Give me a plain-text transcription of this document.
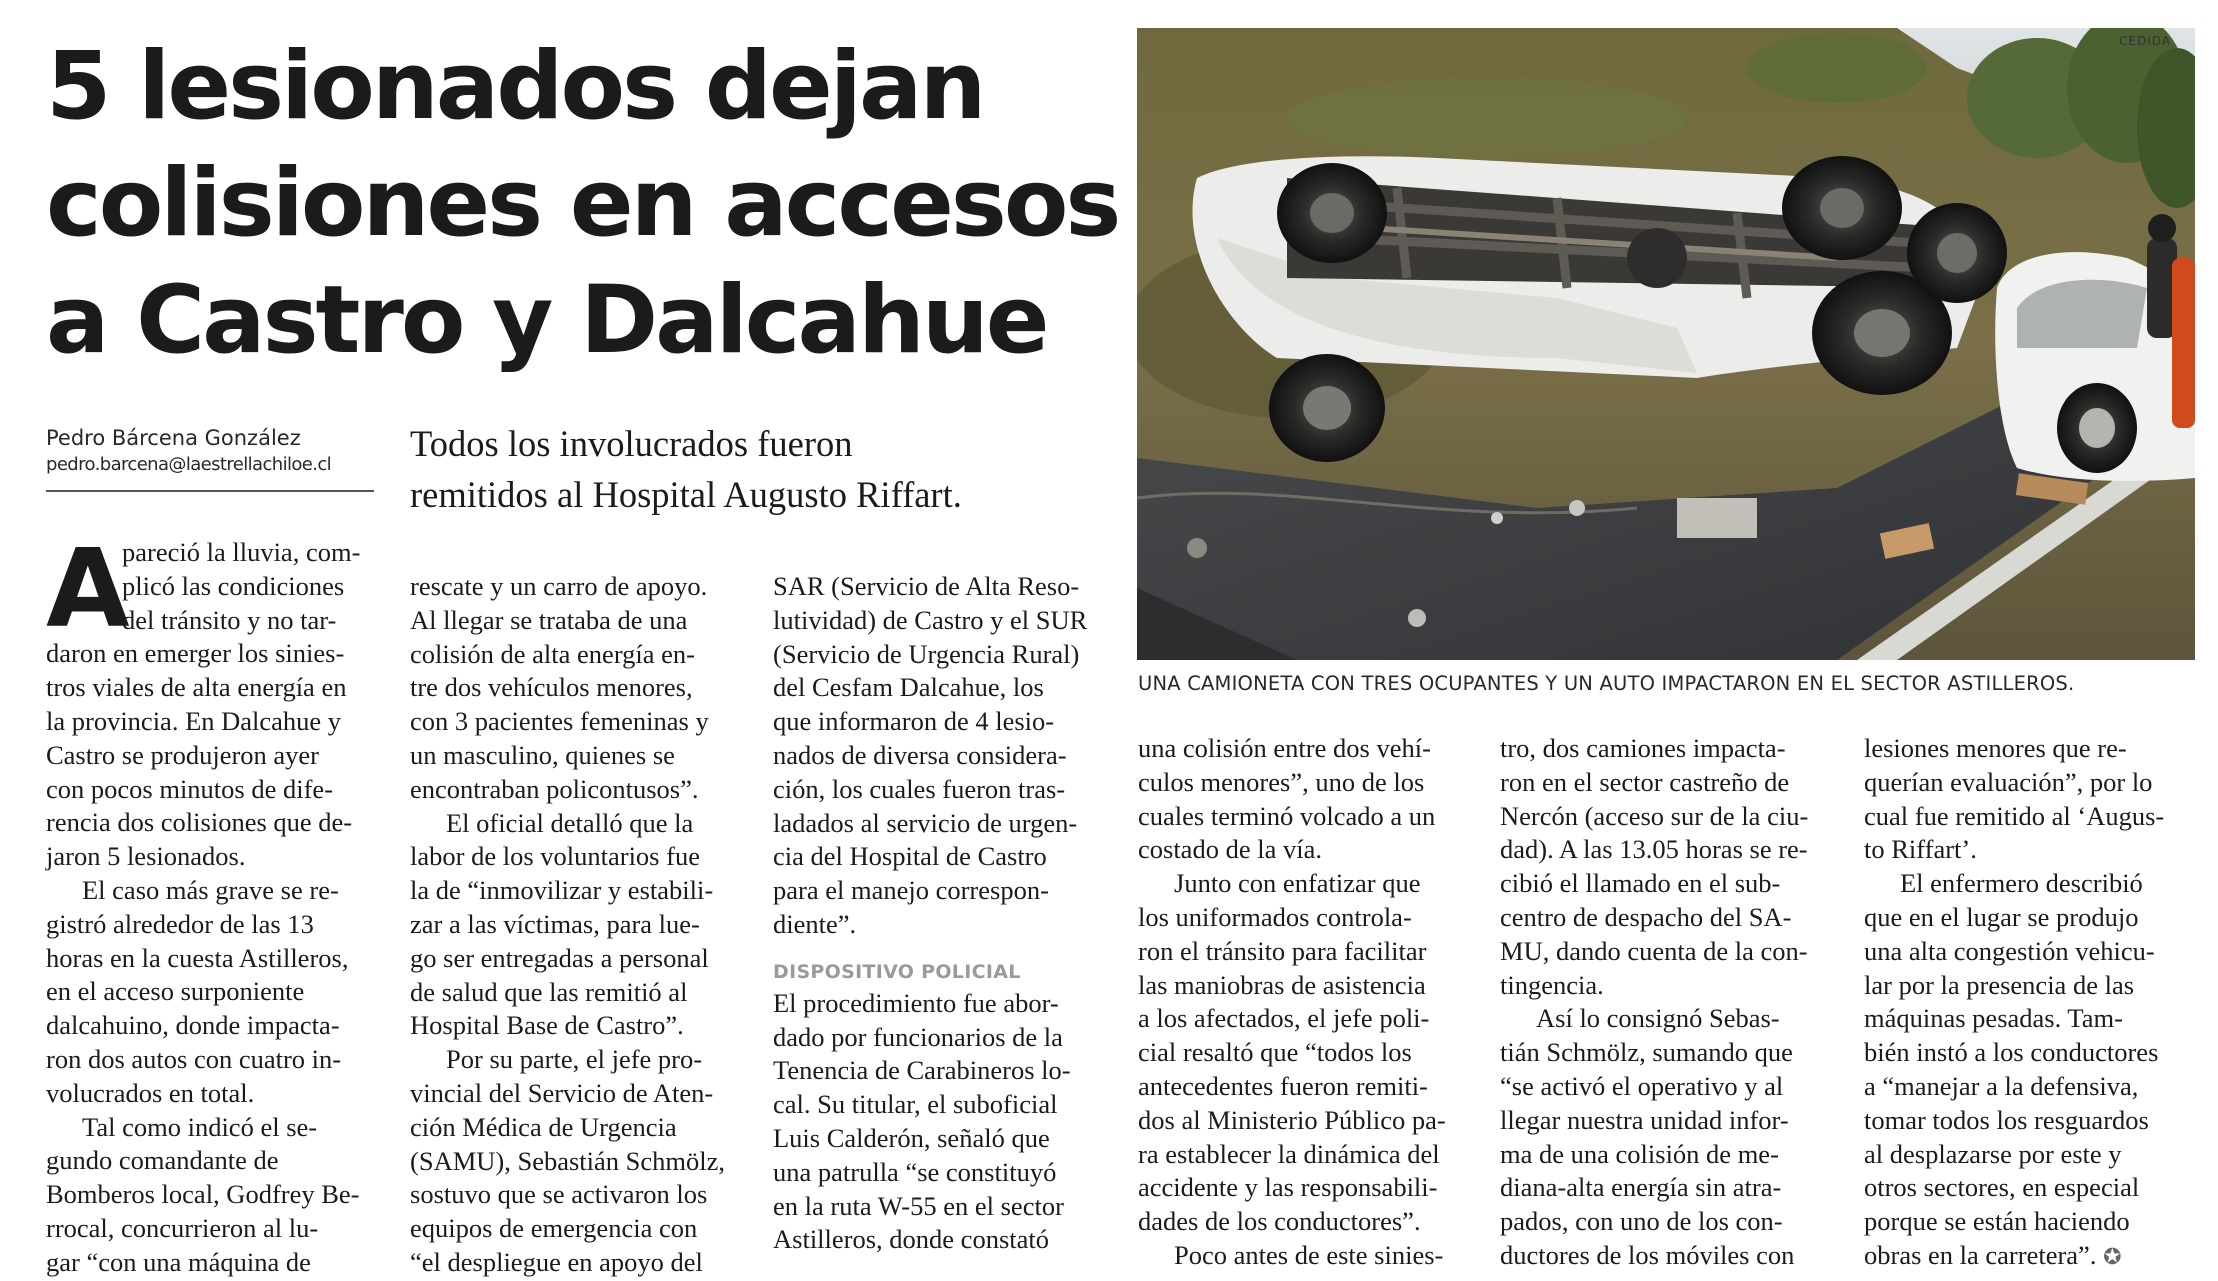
5 lesionados dejan
colisiones en accesos
a Castro y Dalcahue
Pedro Bárcena González
pedro.barcena@laestrellachiloe.cl
Todos los involucrados fueron
remitidos al Hospital Augusto Riffart.
A
CEDIDA
UNA CAMIONETA CON TRES OCUPANTES Y UN AUTO IMPACTARON EN EL SECTOR ASTILLEROS.
pareció la lluvia, com-
plicó las condiciones
del tránsito y no tar-
daron en emerger los sinies-
tros viales de alta energía en
la provincia. En Dalcahue y
Castro se produjeron ayer
con pocos minutos de dife-
rencia dos colisiones que de-
jaron 5 lesionados.
El caso más grave se re-
gistró alrededor de las 13
horas en la cuesta Astilleros,
en el acceso surponiente
dalcahuino, donde impacta-
ron dos autos con cuatro in-
volucrados en total.
Tal como indicó el se-
gundo comandante de
Bomberos local, Godfrey Be-
rrocal, concurrieron al lu-
gar “con una máquina de
rescate y un carro de apoyo.
Al llegar se trataba de una
colisión de alta energía en-
tre dos vehículos menores,
con 3 pacientes femeninas y
un masculino, quienes se
encontraban policontusos”.
El oficial detalló que la
labor de los voluntarios fue
la de “inmovilizar y estabili-
zar a las víctimas, para lue-
go ser entregadas a personal
de salud que las remitió al
Hospital Base de Castro”.
Por su parte, el jefe pro-
vincial del Servicio de Aten-
ción Médica de Urgencia
(SAMU), Sebastián Schmölz,
sostuvo que se activaron los
equipos de emergencia con
“el despliegue en apoyo del
SAR (Servicio de Alta Reso-
lutividad) de Castro y el SUR
(Servicio de Urgencia Rural)
del Cesfam Dalcahue, los
que informaron de 4 lesio-
nados de diversa considera-
ción, los cuales fueron tras-
ladados al servicio de urgen-
cia del Hospital de Castro
para el manejo correspon-
diente”.
DISPOSITIVO POLICIAL
El procedimiento fue abor-
dado por funcionarios de la
Tenencia de Carabineros lo-
cal. Su titular, el suboficial
Luis Calderón, señaló que
una patrulla “se constituyó
en la ruta W-55 en el sector
Astilleros, donde constató
una colisión entre dos vehí-
culos menores”, uno de los
cuales terminó volcado a un
costado de la vía.
Junto con enfatizar que
los uniformados controla-
ron el tránsito para facilitar
las maniobras de asistencia
a los afectados, el jefe poli-
cial resaltó que “todos los
antecedentes fueron remiti-
dos al Ministerio Público pa-
ra establecer la dinámica del
accidente y las responsabili-
dades de los conductores”.
Poco antes de este sinies-
tro, dos camiones impacta-
ron en el sector castreño de
Nercón (acceso sur de la ciu-
dad). A las 13.05 horas se re-
cibió el llamado en el sub-
centro de despacho del SA-
MU, dando cuenta de la con-
tingencia.
Así lo consignó Sebas-
tián Schmölz, sumando que
“se activó el operativo y al
llegar nuestra unidad infor-
ma de una colisión de me-
diana-alta energía sin atra-
pados, con uno de los con-
ductores de los móviles con
lesiones menores que re-
querían evaluación”, por lo
cual fue remitido al ‘Augus-
to Riffart’.
El enfermero describió
que en el lugar se produjo
una alta congestión vehicu-
lar por la presencia de las
máquinas pesadas. Tam-
bién instó a los conductores
a “manejar a la defensiva,
tomar todos los resguardos
al desplazarse por este y
otros sectores, en especial
porque se están haciendo
obras en la carretera”. ✪
